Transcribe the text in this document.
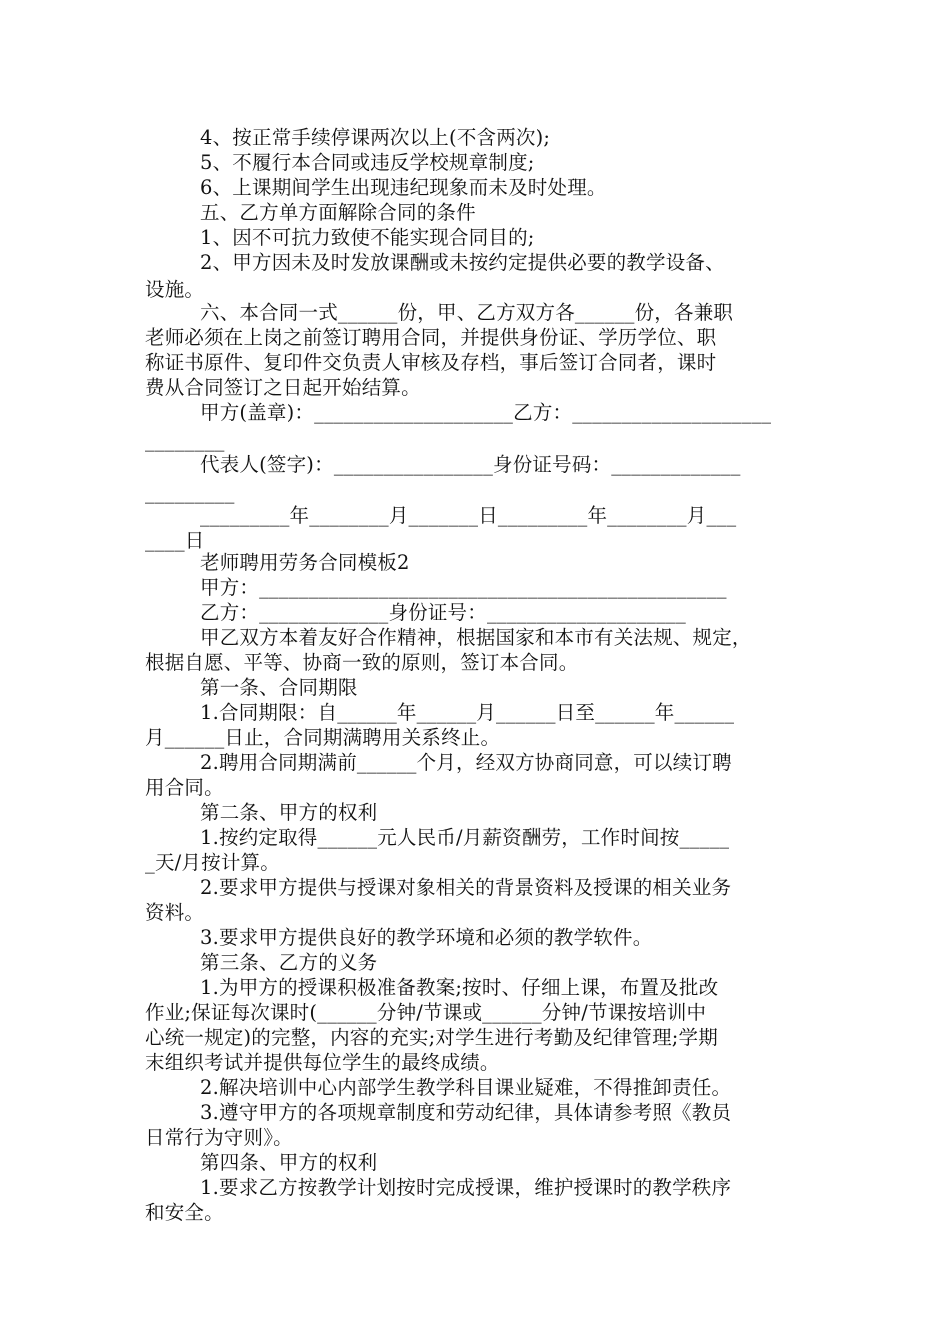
4、按正常手续停课两次以上(不含两次);
5、不履行本合同或违反学校规章制度;
6、上课期间学生出现违纪现象而未及时处理。
五、乙方单方面解除合同的条件
1、因不可抗力致使不能实现合同目的;
2、甲方因未及时发放课酬或未按约定提供必要的教学设备、
设施。
六、本合同一式______份，甲、乙方双方各______份，各兼职
老师必须在上岗之前签订聘用合同，并提供身份证、学历学位、职
称证书原件、复印件交负责人审核及存档，事后签订合同者，课时
费从合同签订之日起开始结算。
甲方(盖章)：____________________乙方：____________________
________
代表人(签字)：________________身份证号码：_____________
_________
_________年________月_______日_________年________月___
____日
老师聘用劳务合同模板2
甲方：_______________________________________________
乙方：_____________身份证号：____________________
甲乙双方本着友好合作精神，根据国家和本市有关法规、规定，
根据自愿、平等、协商一致的原则，签订本合同。
第一条、合同期限
1.合同期限：自______年______月______日至______年______
月______日止，合同期满聘用关系终止。
2.聘用合同期满前______个月，经双方协商同意，可以续订聘
用合同。
第二条、甲方的权利
1.按约定取得______元人民币/月薪资酬劳，工作时间按_____
_天/月按计算。
2.要求甲方提供与授课对象相关的背景资料及授课的相关业务
资料。
3.要求甲方提供良好的教学环境和必须的教学软件。
第三条、乙方的义务
1.为甲方的授课积极准备教案;按时、仔细上课，布置及批改
作业;保证每次课时(______分钟/节课或______分钟/节课按培训中
心统一规定)的完整，内容的充实;对学生进行考勤及纪律管理;学期
末组织考试并提供每位学生的最终成绩。
2.解决培训中心内部学生教学科目课业疑难，不得推卸责任。
3.遵守甲方的各项规章制度和劳动纪律，具体请参考照《教员
日常行为守则》。
第四条、甲方的权利
1.要求乙方按教学计划按时完成授课，维护授课时的教学秩序
和安全。
